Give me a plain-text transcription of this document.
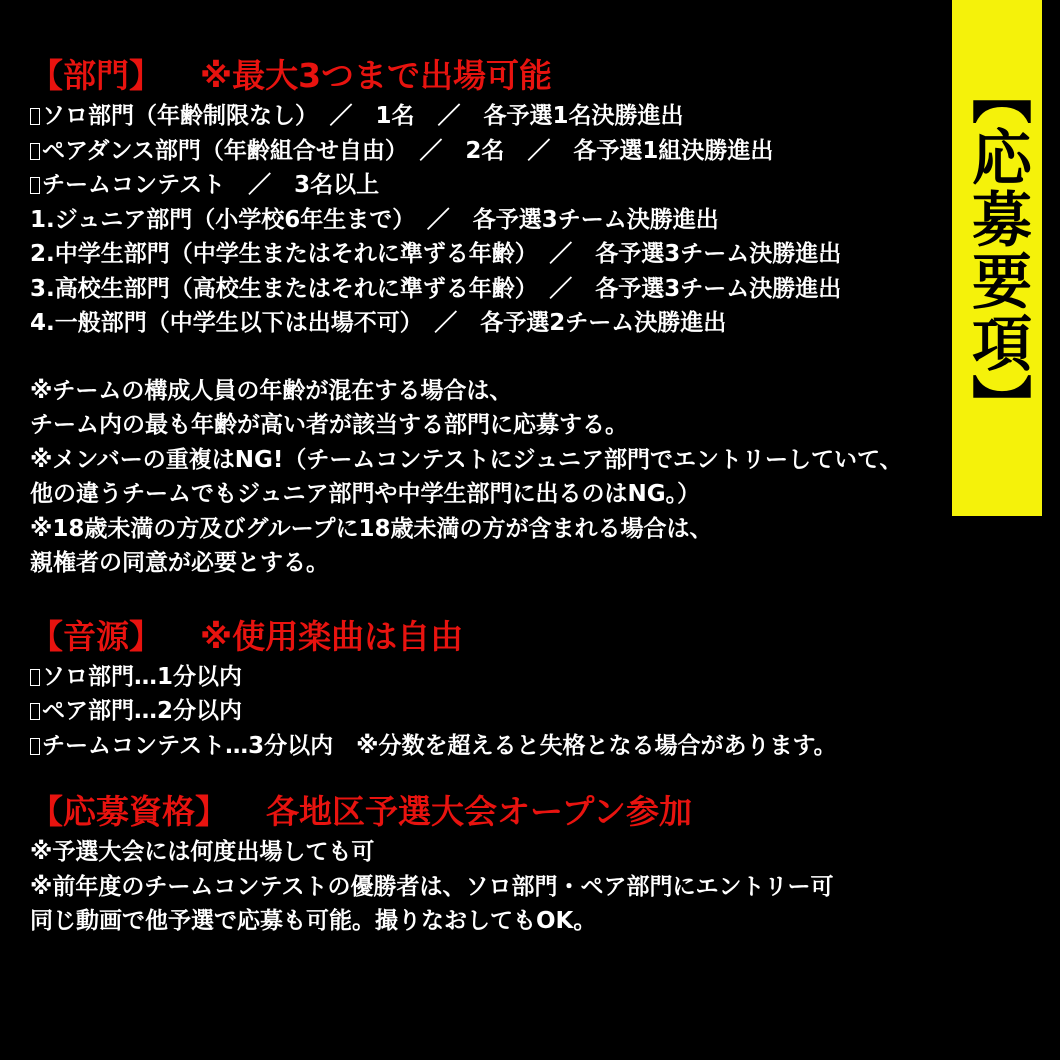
【応募要項】
【部門】 ※最大3つまで出場可能
ソロ部門（年齢制限なし）　／　1名　／　各予選1名決勝進出
ペアダンス部門（年齢組合せ自由）　／　2名　／　各予選1組決勝進出
チームコンテスト　／　3名以上
1.ジュニア部門（小学校6年生まで）　／　各予選3チーム決勝進出
2.中学生部門（中学生またはそれに準ずる年齢）　／　各予選3チーム決勝進出
3.高校生部門（高校生またはそれに準ずる年齢）　／　各予選3チーム決勝進出
4.一般部門（中学生以下は出場不可）　／　各予選2チーム決勝進出
※チームの構成人員の年齢が混在する場合は、
チーム内の最も年齢が高い者が該当する部門に応募する。
※メンバーの重複はNG!（チームコンテストにジュニア部門でエントリーしていて、
他の違うチームでもジュニア部門や中学生部門に出るのはNG。）
※18歳未満の方及びグループに18歳未満の方が含まれる場合は、
親権者の同意が必要とする。
【音源】 ※使用楽曲は自由
ソロ部門…1分以内
ペア部門…2分以内
チームコンテスト…3分以内　※分数を超えると失格となる場合があります。
【応募資格】 各地区予選大会オープン参加
※予選大会には何度出場しても可
※前年度のチームコンテストの優勝者は、ソロ部門・ペア部門にエントリー可
同じ動画で他予選で応募も可能。撮りなおしてもOK。
